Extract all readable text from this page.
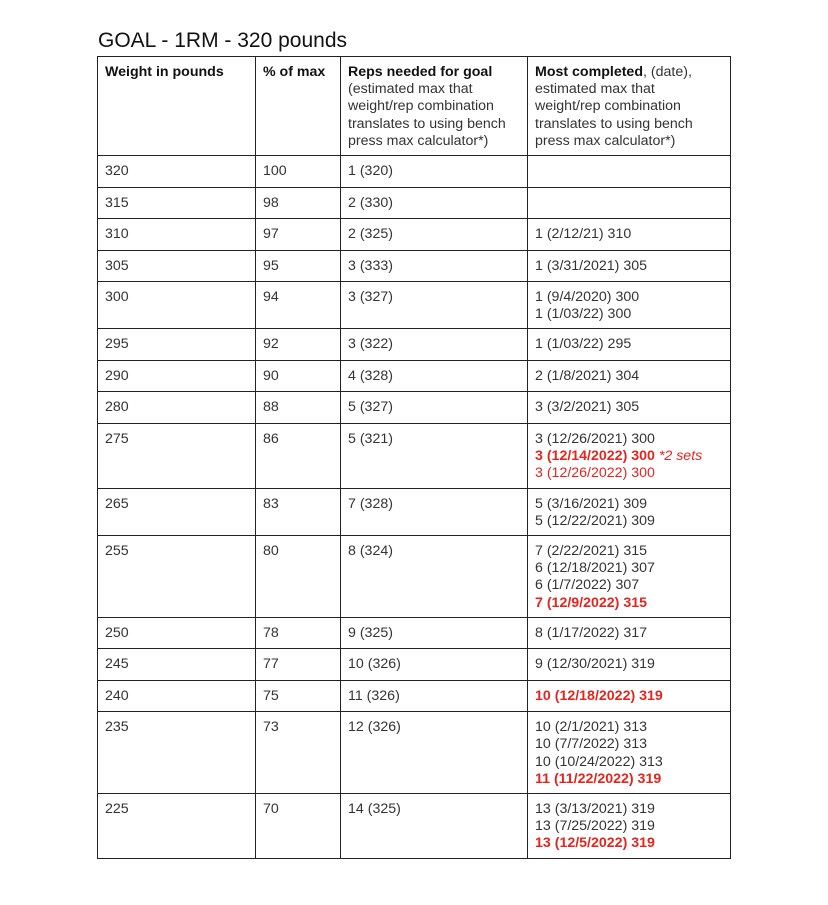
GOAL - 1RM - 320 pounds
Weight in pounds	% of max	Reps needed for goal
(estimated max that weight/rep combination translates to using bench press max calculator*)	Most completed, (date), estimated max that weight/rep combination translates to using bench press max calculator*)
320	100	1 (320)	
315	98	2 (330)	
310	97	2 (325)	1 (2/12/21) 310

305	95	3 (333)	1 (3/31/2021) 305

300	94	3 (327)	1 (9/4/2020) 300
1 (1/03/22) 300

295	92	3 (322)	1 (1/03/22) 295

290	90	4 (328)	2 (1/8/2021) 304

280	88	5 (327)	3 (3/2/2021) 305

275	86	5 (321)	3 (12/26/2021) 300
3 (12/14/2022) 300 *2 sets
3 (12/26/2022) 300

265	83	7 (328)	5 (3/16/2021) 309
5 (12/22/2021) 309

255	80	8 (324)	7 (2/22/2021) 315
6 (12/18/2021) 307
6 (1/7/2022) 307
7 (12/9/2022) 315

250	78	9 (325)	8 (1/17/2022) 317

245	77	10 (326)	9 (12/30/2021) 319

240	75	11 (326)	10 (12/18/2022) 319

235	73	12 (326)	10 (2/1/2021) 313
10 (7/7/2022) 313
10 (10/24/2022) 313
11 (11/22/2022) 319

225	70	14 (325)	13 (3/13/2021) 319
13 (7/25/2022) 319
13 (12/5/2022) 319
